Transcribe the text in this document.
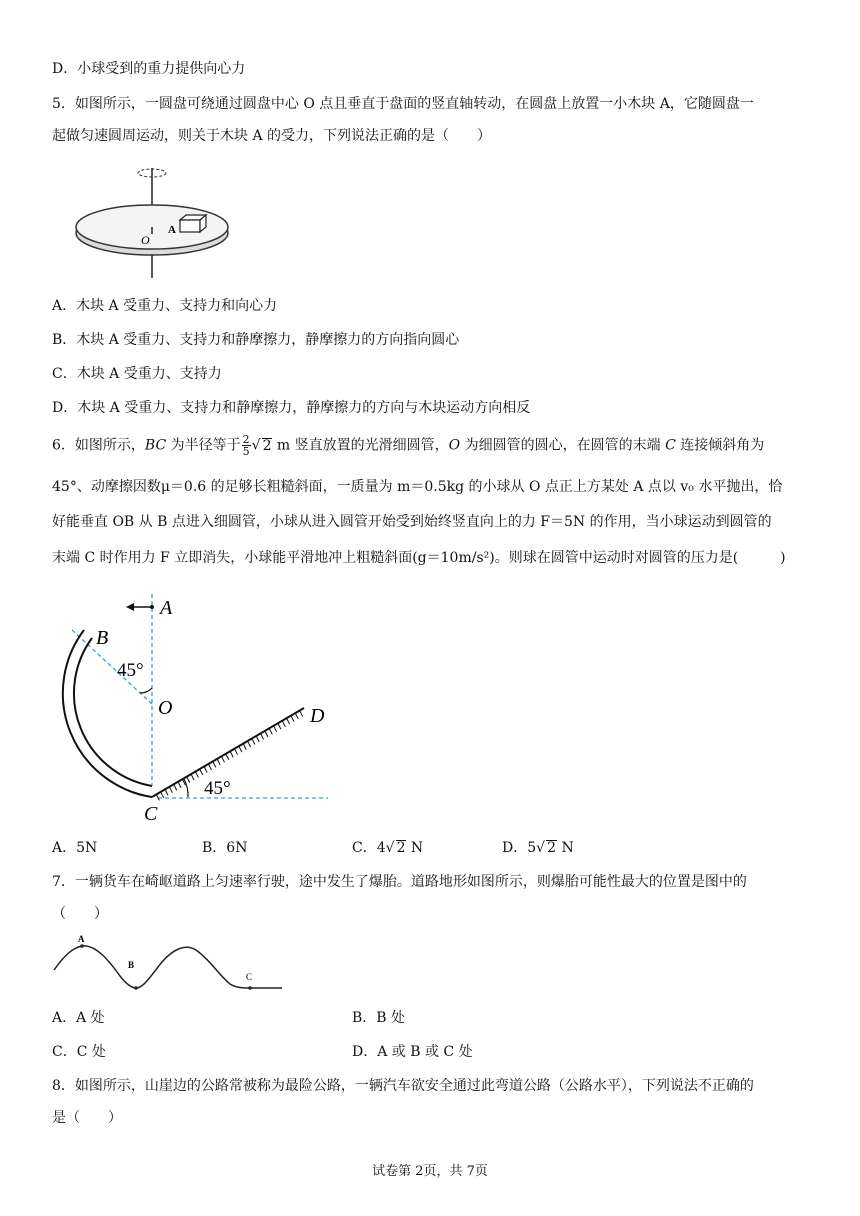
D．小球受到的重力提供向心力
5．如图所示，一圆盘可绕通过圆盘中心 O 点且垂直于盘面的竖直轴转动，在圆盘上放置一小木块 A，它随圆盘一
起做匀速圆周运动，则关于木块 A 的受力，下列说法正确的是（　　）
O
A
A．木块 A 受重力、支持力和向心力
B．木块 A 受重力、支持力和静摩擦力，静摩擦力的方向指向圆心
C．木块 A 受重力、支持力
D．木块 A 受重力、支持力和静摩擦力，静摩擦力的方向与木块运动方向相反
6．如图所示，BC 为半径等于 $\frac{2}{5}$ √ 2 m 竖直放置的光滑细圆管，O 为细圆管的圆心，在圆管的末端 C 连接倾斜角为
45°、动摩擦因数μ＝0.6 的足够长粗糙斜面，一质量为 m＝0.5kg 的小球从 O 点正上方某处 A 点以 v₀ 水平抛出，恰
好能垂直 OB 从 B 点进入细圆管，小球从进入圆管开始受到始终竖直向上的力 F＝5N 的作用，当小球运动到圆管的
末端 C 时作用力 F 立即消失，小球能平滑地冲上粗糙斜面(g＝10m/s²)。则球在圆管中运动时对圆管的压力是(　　　)
A
B
45°
O	D
45°
C
A．5N	B．6N	C．4√ 2 N	D．5√ 2 N
7．一辆货车在崎岖道路上匀速率行驶，途中发生了爆胎。道路地形如图所示，则爆胎可能性最大的位置是图中的
（　　）
A
B
C
A．A 处	B．B 处
C．C 处	D．A 或 B 或 C 处
8．如图所示，山崖边的公路常被称为最险公路，一辆汽车欲安全通过此弯道公路（公路水平），下列说法不正确的
是（　　）
试卷第 2页，共 7页
